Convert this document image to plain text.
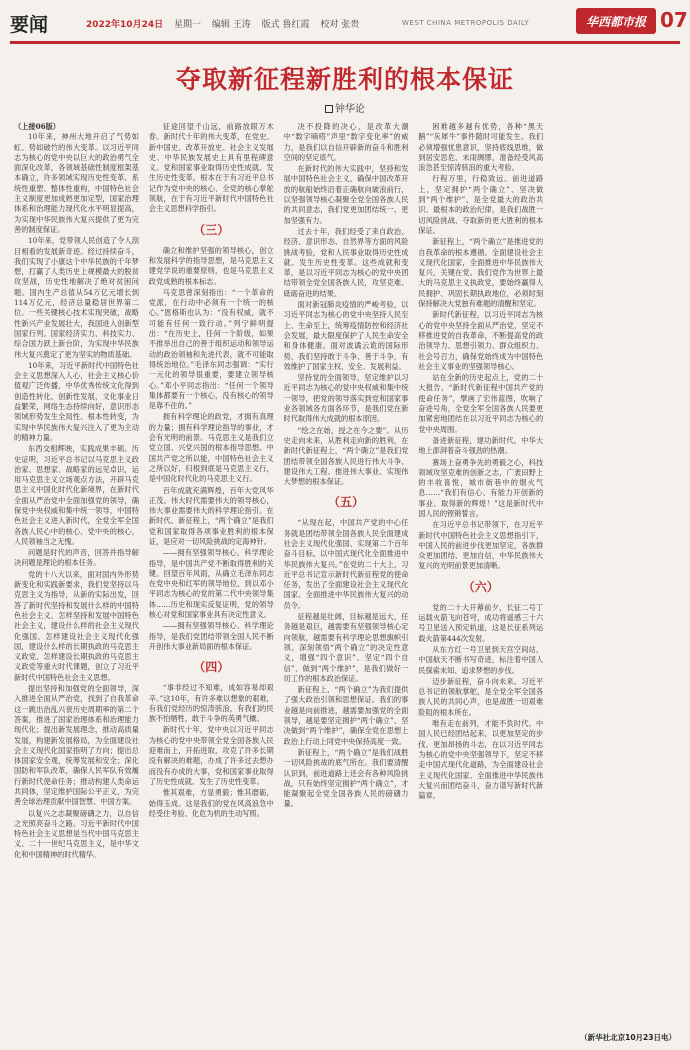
要闻	2022年10月24日 星期一 编辑 王涛 版式 鲁红霞 校对 张贵	WEST CHINA METROPOLIS DAILY	华西都市报 07
夺取新征程新胜利的根本保证
钟华论
（上接06版）
10年来，神州大地开启了气势如虹、势如破竹的伟大变革。以习近平同志为核心的党中央以巨大的政治勇气全面深化改革，各领域基础性制度框架基本确立，许多领域实现历史性变革、系统性重塑、整体性重构，中国特色社会主义制度更加成熟更加定型，国家治理体系和治理能力现代化水平明显提高，为实现中华民族伟大复兴提供了更为完善的制度保证。
10年来，党带领人民创造了令人刮目相看的发展新奇迹。经过持续奋斗，我们实现了小康这个中华民族的千年梦想，打赢了人类历史上规模最大的脱贫攻坚战，历史性地解决了绝对贫困问题。国内生产总值从54万亿元增长到114万亿元，经济总量稳居世界第二位。一些关键核心技术实现突破，战略性新兴产业发展壮大，我国进入创新型国家行列。国家经济实力、科技实力、综合国力跃上新台阶，为实现中华民族伟大复兴奠定了更为坚实的物质基础。
10年来，习近平新时代中国特色社会主义思想深入人心，社会主义核心价值观广泛传播，中华优秀传统文化得到创造性转化、创新性发展，文化事业日益繁荣，网络生态持续向好，意识形态领域形势发生全局性、根本性转变，为实现中华民族伟大复兴注入了更为主动的精神力量。
东西交相辉映，实践成果丰硕。历史证明，习近平总书记以马克思主义政治家、思想家、战略家的远见卓识，运用马克思主义立场观点方法，开辟马克思主义中国化时代化新境界，在新时代全面从严治党中全面加强党的领导，确保党中央权威和集中统一领导，中国特色社会主义进入新时代，全党全军全国各族人民心中的核心、党中央的核心，人民领袖当之无愧。
问题是时代的声音，回答并指导解决问题是理论的根本任务。
党的十八大以来，面对国内外形势新变化和实践新要求，我们党坚持以马克思主义为指导，从新的实际出发，回答了新时代坚持和发展什么样的中国特色社会主义、怎样坚持和发展中国特色社会主义，建设什么样的社会主义现代化强国、怎样建设社会主义现代化强国，建设什么样的长期执政的马克思主义政党、怎样建设长期执政的马克思主义政党等重大时代课题，创立了习近平新时代中国特色社会主义思想。
提出坚持和加强党的全面领导，深入推进全面从严治党，找到了自我革命这一跳出治乱兴衰历史周期率的第二个答案，推进了国家治理体系和治理能力现代化；提出新发展理念，推动高质量发展，构建新发展格局，为全面建设社会主义现代化国家指明了方向；提出总体国家安全观，统筹发展和安全；深化国防和军队改革，确保人民军队有效履行新时代使命任务；推动构建人类命运共同体，坚定维护国际公平正义，为完善全球治理贡献中国智慧、中国方案。
以复兴之志凝聚磅礴之力，以自信之光照亮奋斗之路。习近平新时代中国特色社会主义思想是当代中国马克思主义、二十一世纪马克思主义，是中华文化和中国精神的时代精华。
征途回望千山远，前路放眼万木春。新时代十年的伟大变革，在党史、新中国史、改革开放史、社会主义发展史、中华民族发展史上具有里程碑意义。党和国家事业取得历史性成就、发生历史性变革，根本在于有习近平总书记作为党中央的核心、全党的核心掌舵领航，在于有习近平新时代中国特色社会主义思想科学指引。
（三）
确立和维护坚强的领导核心，创立和发展科学的指导思想，是马克思主义建党学说的重要原则，也是马克思主义政党成熟的根本标志。
马克思曾深刻指出：“一个革命的党派，在行动中必须有一个统一的核心。”恩格斯也认为：“没有权威，就不可能有任何一致行动。”列宁鲜明提出：“在历史上，任何一个阶级，如果不推举出自己的善于组织运动和领导运动的政治领袖和先进代表，就不可能取得统治地位。”毛泽东同志强调：“实行一元化的领导很重要，要建立领导核心。”邓小平同志指出：“任何一个领导集体都要有一个核心，没有核心的领导是靠不住的。”
拥有科学理论的政党，才拥有真理的力量；拥有科学理论指导的事业，才会有光明的前景。马克思主义是我们立党立国、兴党兴国的根本指导思想。中国共产党之所以能，中国特色社会主义之所以好，归根到底是马克思主义行，是中国化时代化的马克思主义行。
百年成就充满辉煌，百年大党风华正茂。伟大时代需要伟大的领导核心，伟大事业需要伟大的科学理论指引。在新时代、新征程上，“两个确立”是我们党和国家取得各项事业胜利的根本保证，是应对一切风险挑战的定海神针。
——拥有坚强领导核心，科学理论指导，是中国共产党不断取得胜利的关键。回望百年风雨，从确立毛泽东同志在党中央和红军的领导地位，到以邓小平同志为核心的党的第二代中央领导集体……历史和现实反复证明，党的领导核心对党和国家事业具有决定性意义。
——拥有坚强领导核心、科学理论指导，是我们党团结带领全国人民不断开创伟大事业新局面的根本保证。
（四）
“事非经过不知难，成如容易却艰辛。”这10年，有许多难以想象的艰难，有我们党经历的惊涛骇浪，有我们的民族不怕牺牲、敢于斗争的英勇气概。
新时代十年，党中央以习近平同志为核心的党中央带领全党全国各族人民迎难而上，开拓进取，攻克了许多长期没有解决的难题，办成了许多过去想办而没有办成的大事，党和国家事业取得了历史性成就、发生了历史性变革。
惟其艰难，方显勇毅；惟其磨砺，始得玉成。这是我们的党在风高浪急中经受住考验、化危为机的生动写照。
决不投降的决心，是改革大潮中“数字嘀嗒”声里“数字变化率”的威力，是我们以自信开辟新的奋斗和胜利空间的坚定底气。
在新时代的伟大实践中，坚持和发展中国特色社会主义，确保中国改革开放的航船始终沿着正确航向破浪前行，以坚强领导核心凝聚全党全国各族人民的共同意志，我们党更加团结统一、更加坚强有力。
过去十年，我们经受了来自政治、经济、意识形态、自然界等方面的风险挑战考验，党和人民事业取得历史性成就、发生历史性变革。这些成就和变革，是以习近平同志为核心的党中央团结带领全党全国各族人民，攻坚克难、砥砺奋进的结果。
面对新冠肺炎疫情的严峻考验，以习近平同志为核心的党中央坚持人民至上、生命至上，统筹疫情防控和经济社会发展，最大限度保护了人民生命安全和身体健康。面对波谲云诡的国际形势，我们坚持敢于斗争、善于斗争，有效维护了国家主权、安全、发展利益。
坚持党的全面领导，坚定维护以习近平同志为核心的党中央权威和集中统一领导，把党的领导落实到党和国家事业各领域各方面各环节，是我们党在新时代取得伟大成就的根本原因。
“绘之在始，授之在今之要”。从历史走向未来，从胜利走向新的胜利，在新时代新征程上，“两个确立”是我们党团结带领全国各族人民进行伟大斗争、建设伟大工程、推进伟大事业、实现伟大梦想的根本保证。
（五）
“从现在起，中国共产党的中心任务就是团结带领全国各族人民全面建成社会主义现代化强国、实现第二个百年奋斗目标，以中国式现代化全面推进中华民族伟大复兴。”在党的二十大上，习近平总书记宣示新时代新征程党的使命任务，发出了全面建设社会主义现代化国家、全面推进中华民族伟大复兴的动员令。
征程越是壮阔，目标越是远大，任务越是艰巨，越需要有坚强领导核心定向领航，越需要有科学理论思想旗帜引领。深刻领悟“两个确立”的决定性意义，增强“四个意识”、坚定“四个自信”、做到“两个维护”，是我们做好一切工作的根本政治保证。
新征程上，“两个确立”为我们提供了强大政治引领和思想保证。我们的事业越是向前推进，越需要加强党的全面领导，越是要坚定拥护“两个确立”、坚决做到“两个维护”，确保全党在思想上政治上行动上同党中央保持高度一致。
新征程上，“两个确立”是我们战胜一切风险挑战的底气所在。我们要清醒认识到，前进道路上还会有各种风险挑战，只有始终坚定拥护“两个确立”，才能凝聚起全党全国各族人民的磅礴力量。
困难越多越有优势，各种“黑天鹅”“灰犀牛”事件随时可能发生。我们必须增强忧患意识，坚持底线思维，做到居安思危、未雨绸缪，准备经受风高浪急甚至惊涛骇浪的重大考验。
行程万里，行稳致远。前进道路上，坚定拥护“两个确立”、坚决做到“两个维护”，是全党最大的政治共识、最根本的政治纪律，是我们战胜一切风险挑战、夺取新的更大胜利的根本保证。
新征程上，“两个确立”是推进党的自我革命的根本遵循。全面建设社会主义现代化国家，全面推进中华民族伟大复兴，关键在党。我们党作为世界上最大的马克思主义执政党，要始终赢得人民拥护、巩固长期执政地位，必须时刻保持解决大党独有难题的清醒和坚定。
新时代新征程，以习近平同志为核心的党中央坚持全面从严治党，坚定不移推进党的自我革命，不断提高党的政治领导力、思想引领力、群众组织力、社会号召力，确保党始终成为中国特色社会主义事业的坚强领导核心。
站在全新的历史起点上，党的二十大报告，“新时代新征程中国共产党的使命任务”，擘画了宏伟蓝图，吹响了奋进号角，全党全军全国各族人民要更加紧密地团结在以习近平同志为核心的党中央周围。
备进新征程，建功新时代。中华大地上澎湃着奋斗强劲的热潮。
赛场上奋勇争先的勇毅之心，科技领域攻坚克难的创新之志，广袤田野上的丰收喜悦，城市街巷中的烟火气息……“我们有信心、有能力开创新的事业、取得新的辉煌！”这是新时代中国人民的铿锵誓言。
在习近平总书记带领下，在习近平新时代中国特色社会主义思想指引下，中国人民的前进步伐更加坚定，各族群众更加团结、更加自信，中华民族伟大复兴的光明前景更加清晰。
（六）
党的二十大开幕前夕，长征二号丁运载火箭飞向苍穹，成功将遥感三十六号卫星送入预定轨道，这是长征系列运载火箭第444次发射。
从东方红一号卫星到天宫空间站，中国航天不断书写奇迹，标注着中国人民探索未知、追求梦想的步伐。
迈步新征程，奋斗向未来。习近平总书记的领航掌舵，是全党全军全国各族人民的共同心声，也是战胜一切艰难险阻的根本所在。
唯有走在前列，才能不负时代。中国人民已经团结起来，以更加坚定的步伐、更加昂扬的斗志，在以习近平同志为核心的党中央坚强领导下，坚定不移走中国式现代化道路，为全面建设社会主义现代化国家、全面推进中华民族伟大复兴而团结奋斗，奋力谱写新时代新篇章。
（新华社北京10月23日电）
